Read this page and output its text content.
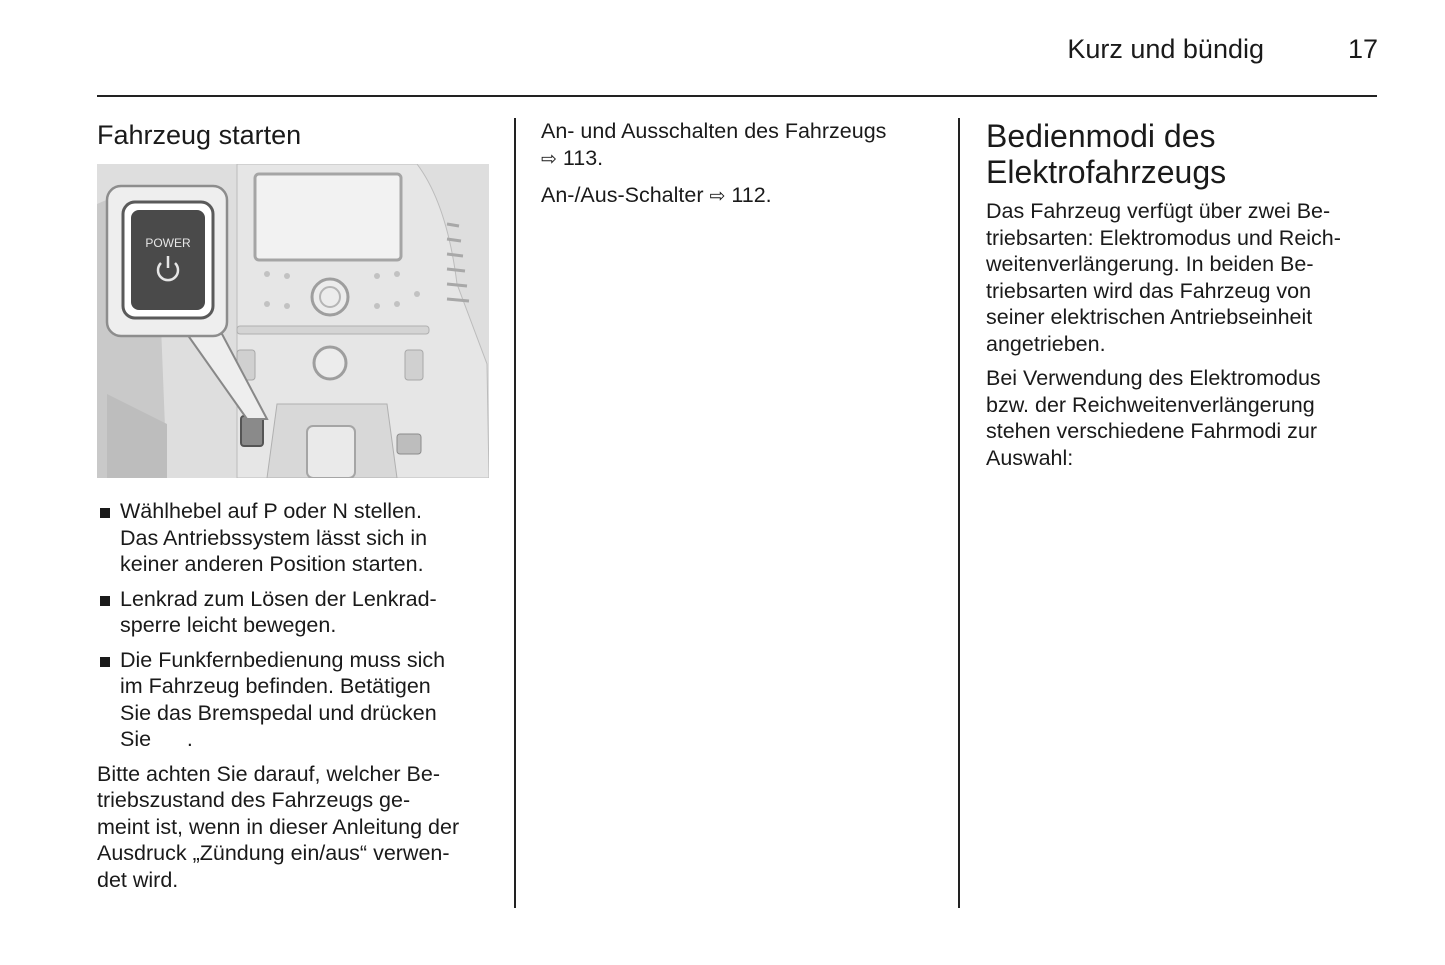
Kurz und bündig	17
Fahrzeug starten
POWER
Wählhebel auf P oder N stellen.
Das Antriebssystem lässt sich in
keiner anderen Position starten.
Lenkrad zum Lösen der Lenkrad-
sperre leicht bewegen.
Die Funkfernbedienung muss sich
im Fahrzeug befinden. Betätigen
Sie das Bremspedal und drücken
Sie      .

Bitte achten Sie darauf, welcher Be-
triebszustand des Fahrzeugs ge-
meint ist, wenn in dieser Anleitung der
Ausdruck „Zündung ein/aus“ verwen-
det wird.

An- und Ausschalten des Fahrzeugs
⇨ 113.

An-/Aus-Schalter ⇨ 112.

Bedienmodi des
Elektrofahrzeugs

Das Fahrzeug verfügt über zwei Be-
triebsarten: Elektromodus und Reich-
weitenverlängerung. In beiden Be-
triebsarten wird das Fahrzeug von
seiner elektrischen Antriebseinheit
angetrieben.

Bei Verwendung des Elektromodus
bzw. der Reichweitenverlängerung
stehen verschiedene Fahrmodi zur
Auswahl:
